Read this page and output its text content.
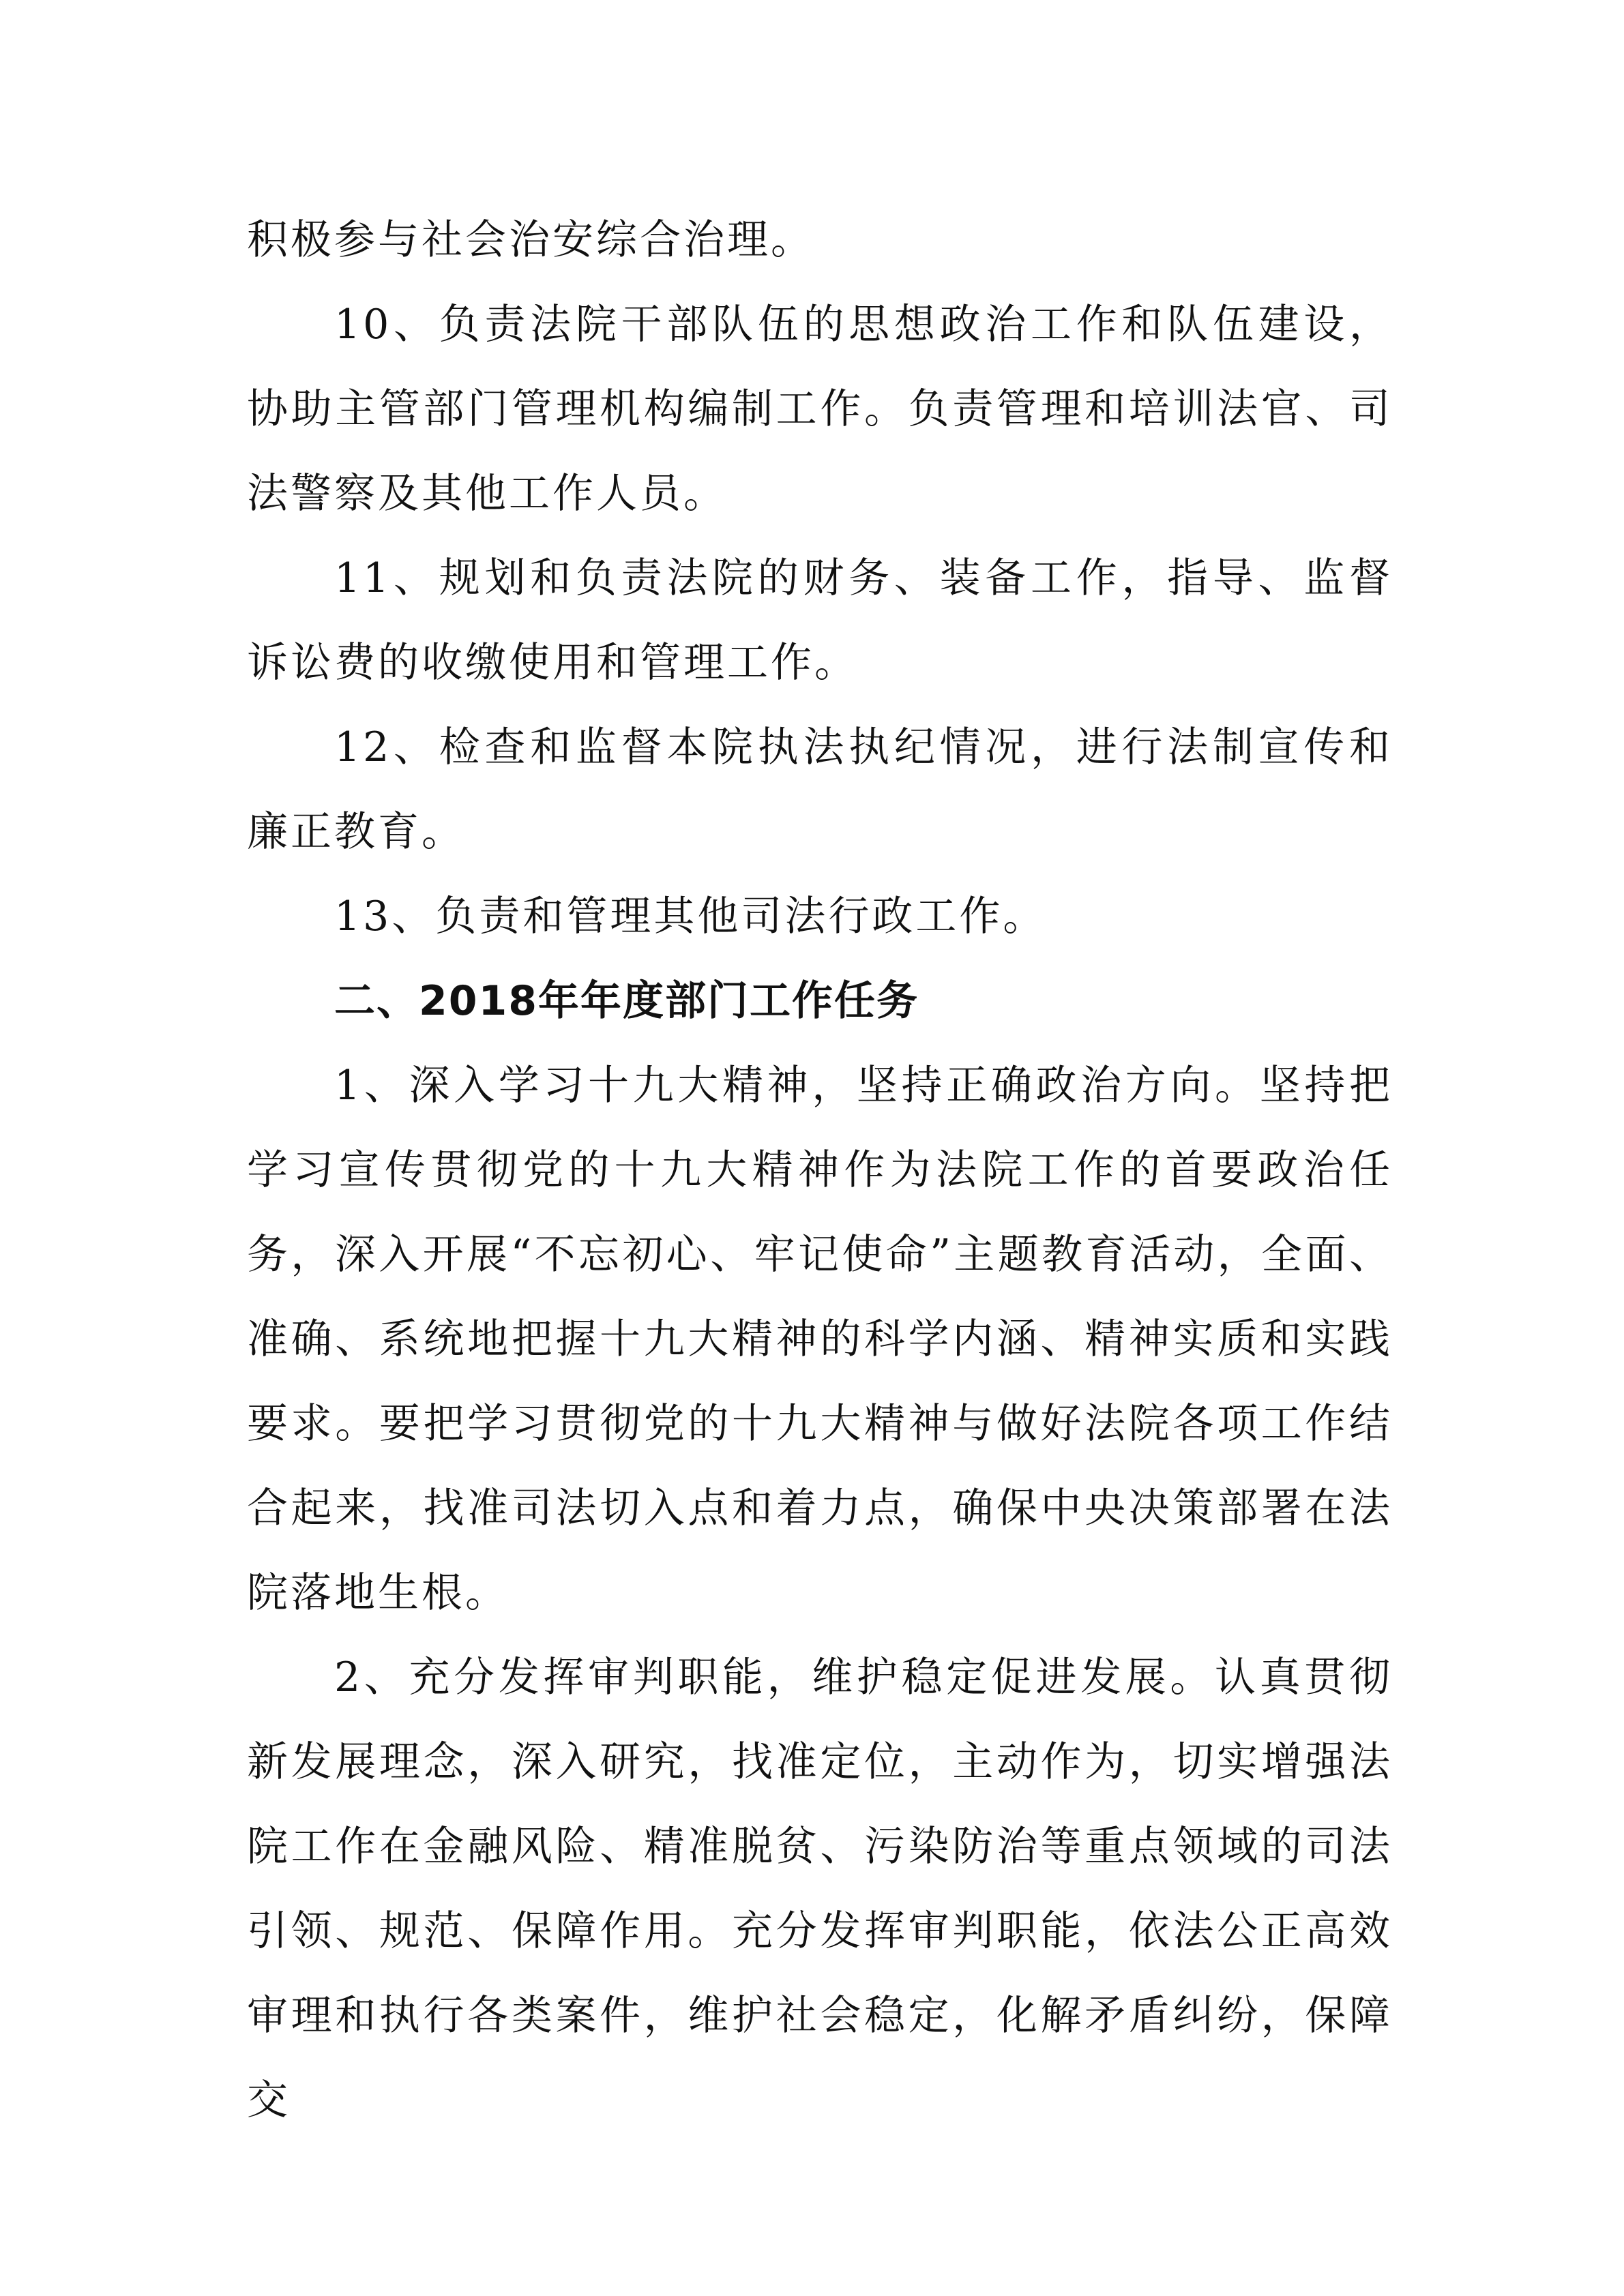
积极参与社会治安综合治理。

10、负责法院干部队伍的思想政治工作和队伍建设，协助主管部门管理机构编制工作。负责管理和培训法官、司法警察及其他工作人员。

11、规划和负责法院的财务、装备工作，指导、监督诉讼费的收缴使用和管理工作。

12、检查和监督本院执法执纪情况，进行法制宣传和廉正教育。

13、负责和管理其他司法行政工作。

二、2018年年度部门工作任务

1、深入学习十九大精神，坚持正确政治方向。坚持把学习宣传贯彻党的十九大精神作为法院工作的首要政治任务，深入开展“不忘初心、牢记使命”主题教育活动，全面、准确、系统地把握十九大精神的科学内涵、精神实质和实践要求。要把学习贯彻党的十九大精神与做好法院各项工作结合起来，找准司法切入点和着力点，确保中央决策部署在法院落地生根。

2、充分发挥审判职能，维护稳定促进发展。认真贯彻新发展理念，深入研究，找准定位，主动作为，切实增强法院工作在金融风险、精准脱贫、污染防治等重点领域的司法引领、规范、保障作用。充分发挥审判职能，依法公正高效审理和执行各类案件，维护社会稳定，化解矛盾纠纷，保障交
